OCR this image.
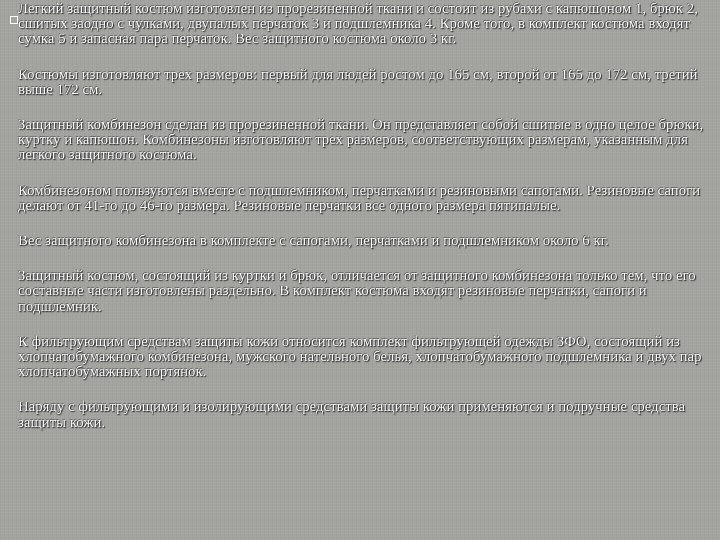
Легкий защитный костюм изготовлен из прорезиненной ткани и состоит из рубахи с капюшоном 1, брюк 2, сшитых заодно с чулками, двупалых перчаток 3 и подшлемника 4. Кроме того, в комплект костюма входят сумка 5 и запасная пара перчаток. Вес защитного костюма около 3 кг.

Костюмы изготовляют трех размеров: первый для людей ростом до 165 см, второй от 165 до 172 см, третий выше 172 см.

Защитный комбинезон сделан из прорезиненной ткани. Он представляет собой сшитые в одно целое брюки, куртку и капюшон. Комбинезоны изготовляют трех размеров, соответствующих размерам, указанным для легкого защитного костюма.

Комбинезоном пользуются вместе с подшлемником, перчатками и резиновыми сапогами. Резиновые сапоги делают от 41-го до 46-го размера. Резиновые перчатки все одного размера пятипалые.

Вес защитного комбинезона в комплекте с сапогами, перчатками и подшлемником около 6 кг.

Защитный костюм, состоящий из куртки и брюк, отличается от защитного комбинезона только тем, что его составные части изготовлены раздельно. В комплект костюма входят резиновые перчатки, сапоги и подшлемник.

К фильтрующим средствам защиты кожи относится комплект фильтрующей одежды ЗФО, состоящий из хлопчатобумажного комбинезона, мужского нательного белья, хлопчатобумажного подшлемника и двух пар хлопчатобумажных портянок.

Наряду с фильтрующими и изолирующими средствами защиты кожи применяются и подручные средства защиты кожи.
